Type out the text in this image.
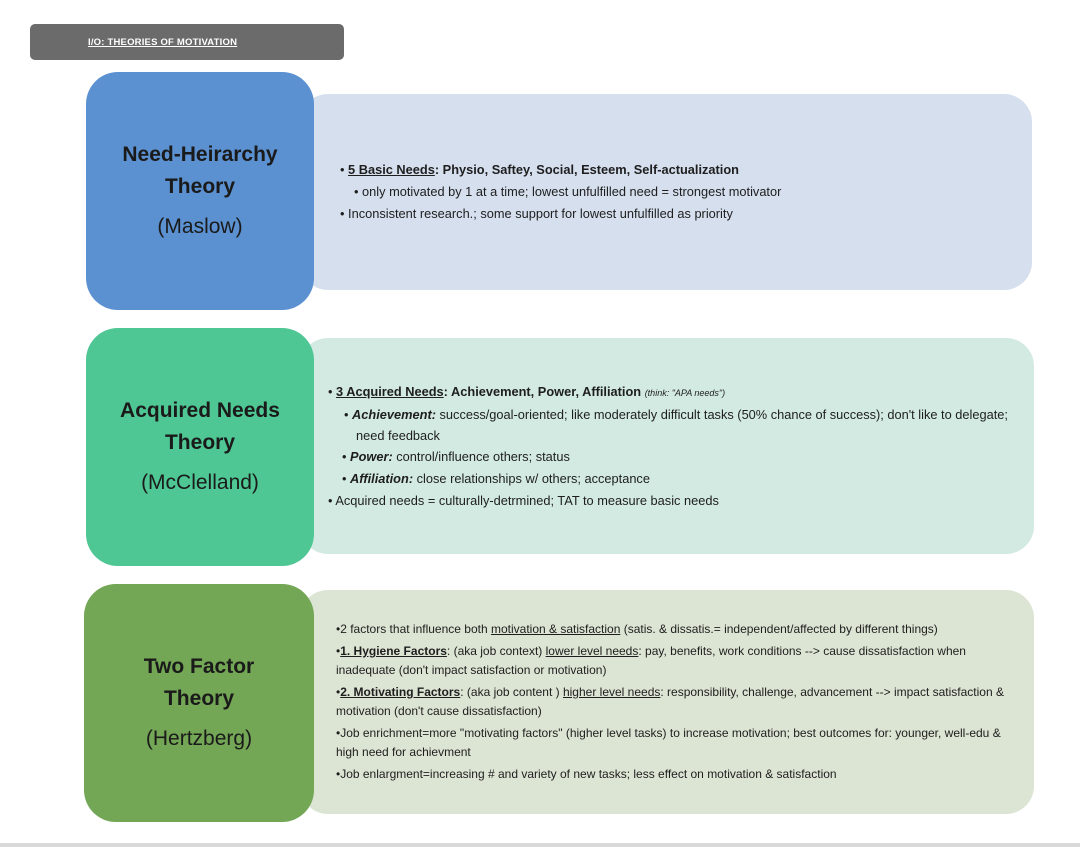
I/O: THEORIES OF MOTIVATION
• 5 Basic Needs: Physio, Saftey, Social, Esteem, Self-actualization
• only motivated by 1 at a time; lowest unfulfilled need = strongest motivator
• Inconsistent research.; some support for lowest unfulfilled as priority
Need-Heirarchy
Theory
(Maslow)
• 3 Acquired Needs: Achievement, Power, Affiliation (think: "APA needs")
• Achievement: success/goal-oriented; like moderately difficult tasks (50% chance of success); don't like to delegate; need feedback
• Power: control/influence others; status
• Affiliation: close relationships w/ others; acceptance
• Acquired needs = culturally-detrmined; TAT to measure basic needs
Acquired Needs
Theory
(McClelland)
•2 factors that influence both motivation & satisfaction (satis. & dissatis.= independent/affected by different things)
•1. Hygiene Factors: (aka job context) lower level needs: pay, benefits, work conditions --> cause dissatisfaction when inadequate (don't impact satisfaction or motivation)
•2. Motivating Factors: (aka job content ) higher level needs: responsibility, challenge, advancement --> impact satisfaction & motivation (don't cause dissatisfaction)
•Job enrichment=more "motivating factors" (higher level tasks) to increase motivation; best outcomes for: younger, well-edu & high need for achievment
•Job enlargment=increasing # and variety of new tasks; less effect on motivation & satisfaction
Two Factor
Theory
(Hertzberg)
